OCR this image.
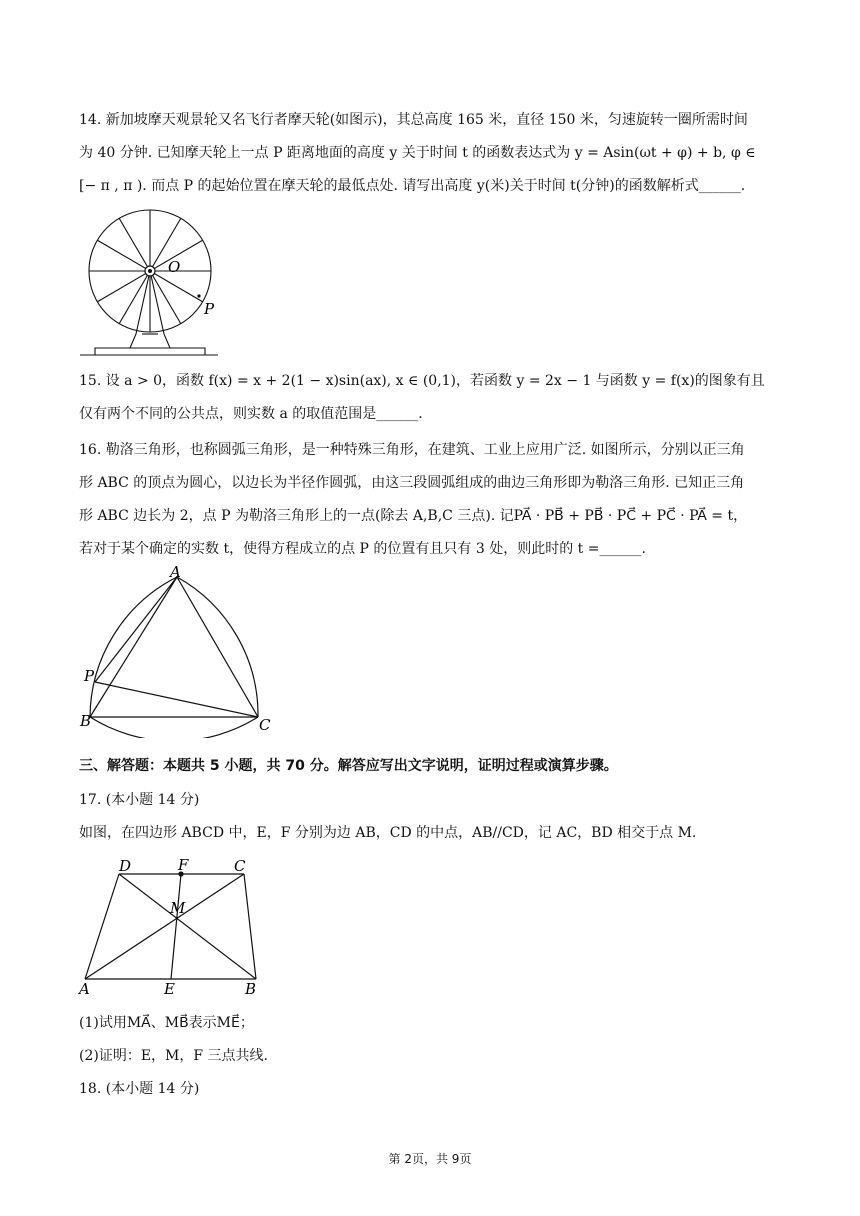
14. 新加坡摩天观景轮又名飞行者摩天轮(如图示)，其总高度 165 米，直径 150 米，匀速旋转一圈所需时间
为 40 分钟. 已知摩天轮上一点 P 距离地面的高度 y 关于时间 t 的函数表达式为 y = Asin(ωt + φ) + b, φ ∈
[− π , π ). 而点 P 的起始位置在摩天轮的最低点处. 请写出高度 y(米)关于时间 t(分钟)的函数解析式______.
O
P
15. 设 a > 0，函数 f(x) = x + 2(1 − x)sin(ax), x ∈ (0,1)，若函数 y = 2x − 1 与函数 y = f(x)的图象有且
仅有两个不同的公共点，则实数 a 的取值范围是______.
16. 勒洛三角形，也称圆弧三角形，是一种特殊三角形，在建筑、工业上应用广泛. 如图所示，分别以正三角
形 ABC 的顶点为圆心，以边长为半径作圆弧，由这三段圆弧组成的曲边三角形即为勒洛三角形. 已知正三角
形 ABC 边长为 2，点 P 为勒洛三角形上的一点(除去 A,B,C 三点). 记PA⃗ · PB⃗ + PB⃗ · PC⃗ + PC⃗ · PA⃗ = t，
若对于某个确定的实数 t，使得方程成立的点 P 的位置有且只有 3 处，则此时的 t =______.
A
B	C
P
三、解答题：本题共 5 小题，共 70 分。解答应写出文字说明，证明过程或演算步骤。
17. (本小题 14 分)
如图，在四边形 ABCD 中，E，F 分别为边 AB，CD 的中点，AB//CD，记 AC，BD 相交于点 M.
D	F	C
M
A	E	B
(1)试用MA⃗、MB⃗表示ME⃗；
(2)证明：E，M，F 三点共线.
18. (本小题 14 分)
第 2页，共 9页
